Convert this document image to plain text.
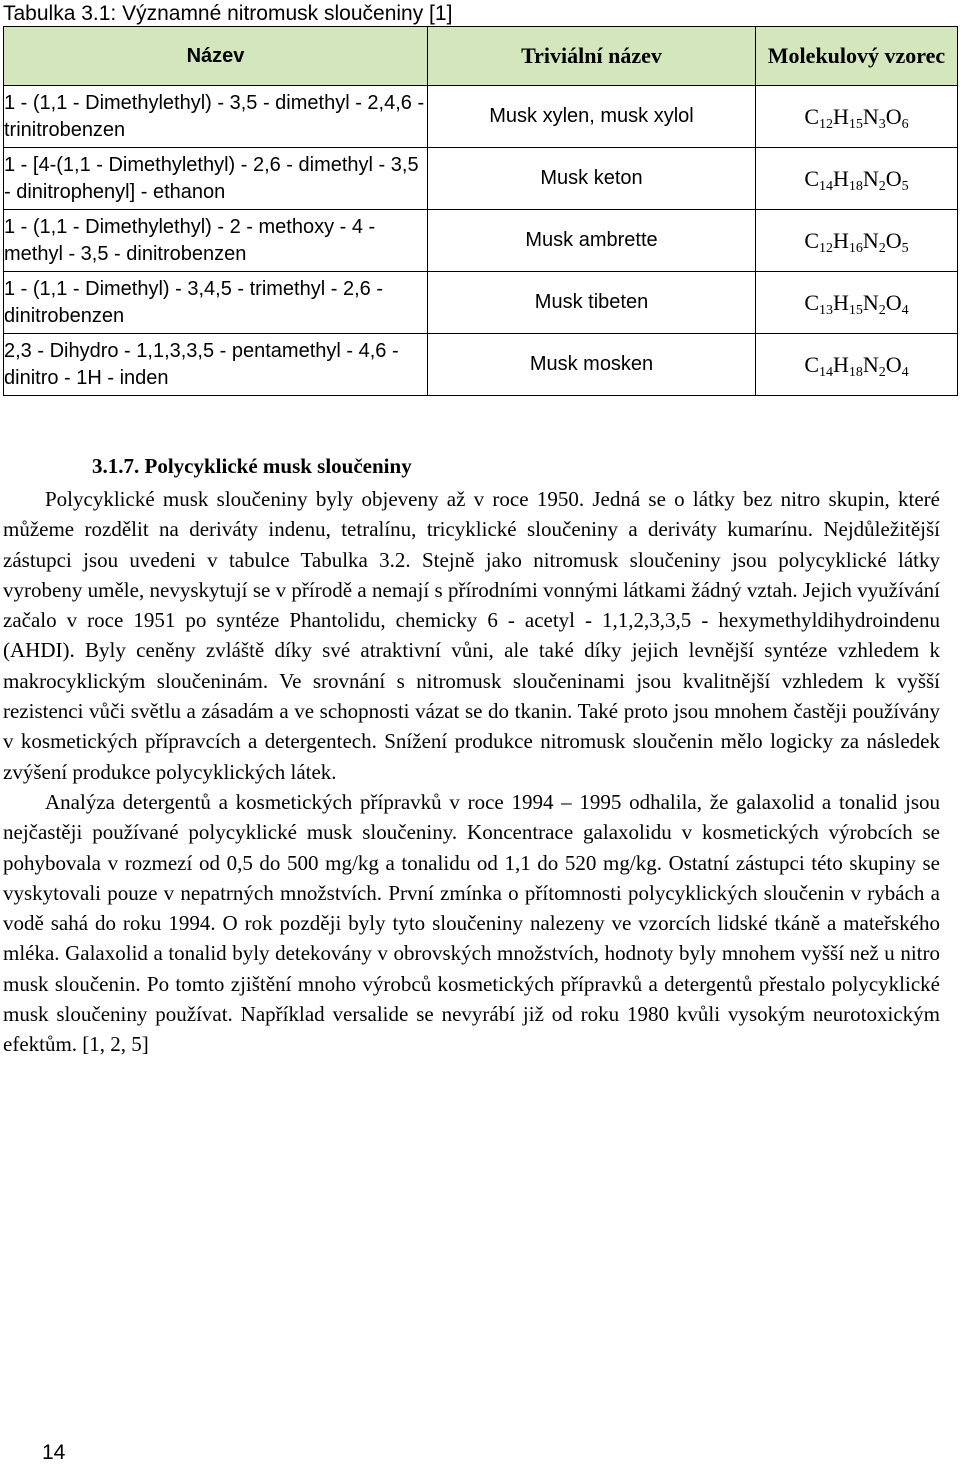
Tabulka 3.1: Významné nitromusk sloučeniny [1]
Název	Triviální název	Molekulový vzorec
1 - (1,1 - Dimethylethyl) - 3,5 - dimethyl - 2,4,6 - trinitrobenzen	Musk xylen, musk xylol	$C_{12}H_{15}N_3O_6$
1 - [4-(1,1 - Dimethylethyl) - 2,6 - dimethyl - 3,5 - dinitrophenyl] - ethanon	Musk keton	$C_{14}H_{18}N_2O_5$
1 - (1,1 - Dimethylethyl) - 2 - methoxy - 4 - methyl - 3,5 - dinitrobenzen	Musk ambrette	$C_{12}H_{16}N_2O_5$
1 - (1,1 - Dimethyl) - 3,4,5 - trimethyl - 2,6 - dinitrobenzen	Musk tibeten	$C_{13}H_{15}N_2O_4$
2,3 - Dihydro - 1,1,3,3,5 - pentamethyl - 4,6 - dinitro - 1H - inden	Musk mosken	$C_{14}H_{18}N_2O_4$
3.1.7. Polycyklické musk sloučeniny

Polycyklické musk sloučeniny byly objeveny až v roce 1950. Jedná se o látky bez nitro skupin, které můžeme rozdělit na deriváty indenu, tetralínu, tricyklické sloučeniny a deriváty kumarínu. Nejdůležitější zástupci jsou uvedeni v tabulce Tabulka 3.2. Stejně jako nitromusk sloučeniny jsou polycyklické látky vyrobeny uměle, nevyskytují se v přírodě a nemají s přírodními vonnými látkami žádný vztah. Jejich využívání začalo v roce 1951 po syntéze Phantolidu, chemicky 6 - acetyl - 1,1,2,3,3,5 - hexymethyldihydroindenu (AHDI). Byly ceněny zvláště díky své atraktivní vůni, ale také díky jejich levnější syntéze vzhledem k makrocyklickým sloučeninám. Ve srovnání s nitromusk sloučeninami jsou kvalitnější vzhledem k vyšší rezistenci vůči světlu a zásadám a ve schopnosti vázat se do tkanin. Také proto jsou mnohem častěji používány v kosmetických přípravcích a detergentech. Snížení produkce nitromusk sloučenin mělo logicky za následek zvýšení produkce polycyklických látek.

Analýza detergentů a kosmetických přípravků v roce 1994 – 1995 odhalila, že galaxolid a tonalid jsou nejčastěji používané polycyklické musk sloučeniny. Koncentrace galaxolidu v kosmetických výrobcích se pohybovala v rozmezí od 0,5 do 500 mg/kg a tonalidu od 1,1 do 520 mg/kg. Ostatní zástupci této skupiny se vyskytovali pouze v nepatrných množstvích. První zmínka o přítomnosti polycyklických sloučenin v rybách a vodě sahá do roku 1994. O rok později byly tyto sloučeniny nalezeny ve vzorcích lidské tkáně a mateřského mléka. Galaxolid a tonalid byly detekovány v obrovských množstvích, hodnoty byly mnohem vyšší než u nitro musk sloučenin. Po tomto zjištění mnoho výrobců kosmetických přípravků a detergentů přestalo polycyklické musk sloučeniny používat. Například versalide se nevyrábí již od roku 1980 kvůli vysokým neurotoxickým efektům. [1, 2, 5]

14
